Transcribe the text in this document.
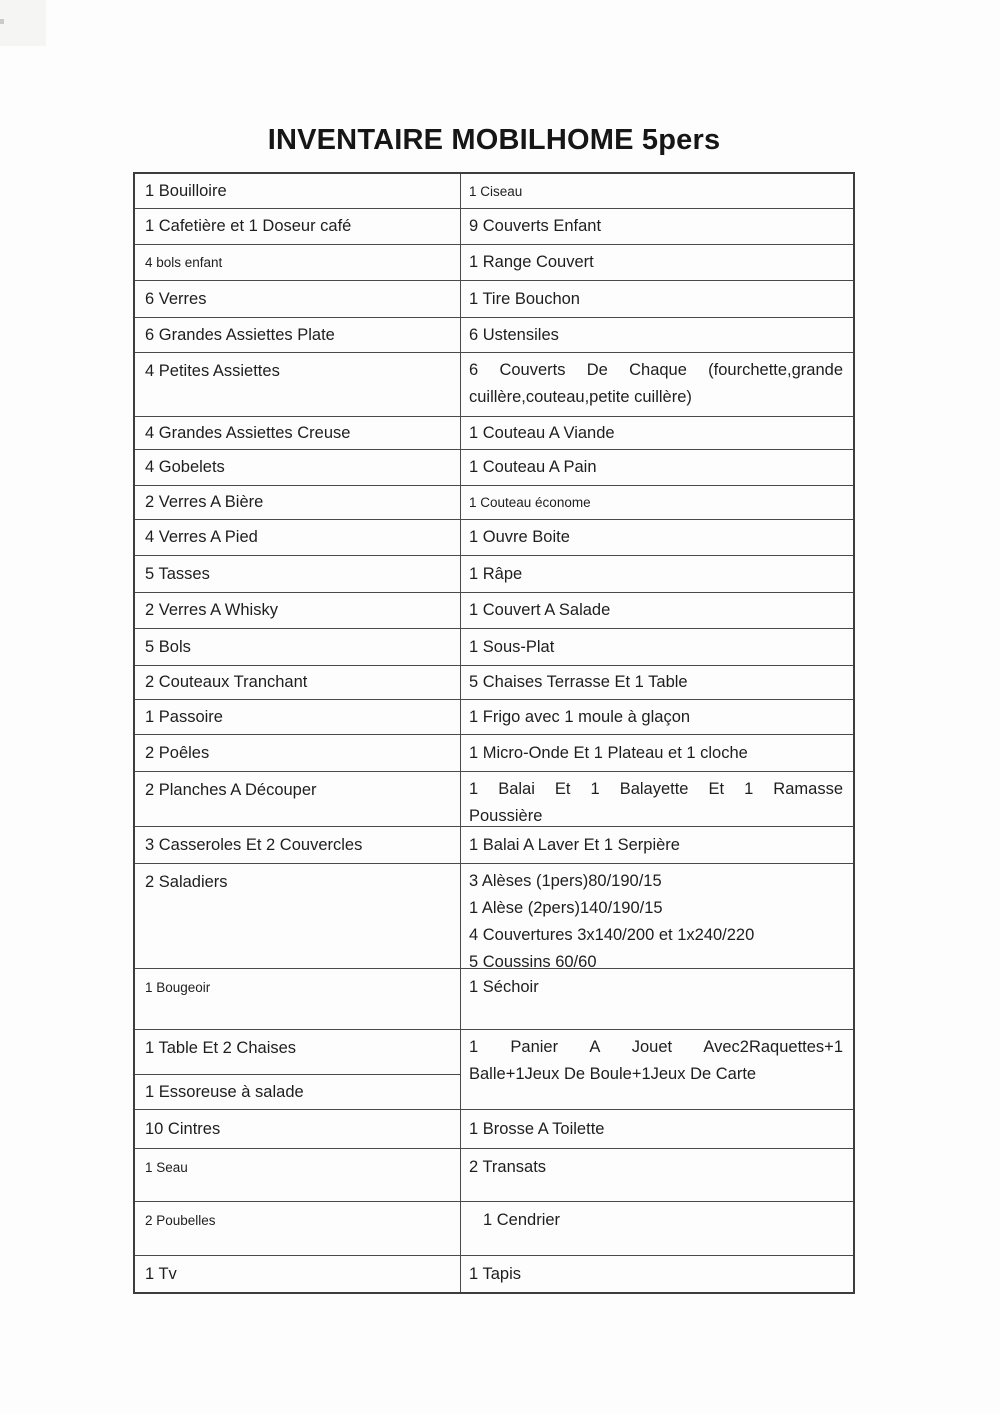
INVENTAIRE MOBILHOME 5pers
1 Bouilloire	1 Ciseau
1 Cafetière et 1 Doseur café	9 Couverts Enfant
4 bols enfant	1 Range Couvert
6 Verres	1 Tire Bouchon
6 Grandes Assiettes Plate	6 Ustensiles
4 Petites Assiettes	6 Couverts De Chaque (fourchette,grande
cuillère,couteau,petite cuillère)
4 Grandes Assiettes Creuse	1 Couteau A Viande
4 Gobelets	1 Couteau A Pain
2 Verres A Bière	1 Couteau économe
4 Verres A Pied	1 Ouvre Boite
5 Tasses	1 Râpe
2 Verres A Whisky	1 Couvert A Salade
5 Bols	1 Sous-Plat
2 Couteaux Tranchant	5 Chaises Terrasse Et 1 Table
1 Passoire	1 Frigo avec 1 moule à glaçon
2 Poêles	1 Micro-Onde Et 1 Plateau et 1 cloche
2 Planches A Découper	1 Balai Et 1 Balayette Et 1 Ramasse
Poussière
3 Casseroles Et 2 Couvercles	1 Balai A Laver Et 1 Serpière
2 Saladiers	3 Alèses (1pers)80/190/15
1 Alèse (2pers)140/190/15
4 Couvertures 3x140/200 et 1x240/220
5 Coussins 60/60
1 Bougeoir	1 Séchoir
1 Table Et 2 Chaises	1 Panier A Jouet Avec2Raquettes+1
Balle+1Jeux De Boule+1Jeux De Carte
1 Essoreuse à salade
10 Cintres	1 Brosse A Toilette
1 Seau	2 Transats
2 Poubelles	1 Cendrier
1 Tv	1 Tapis
